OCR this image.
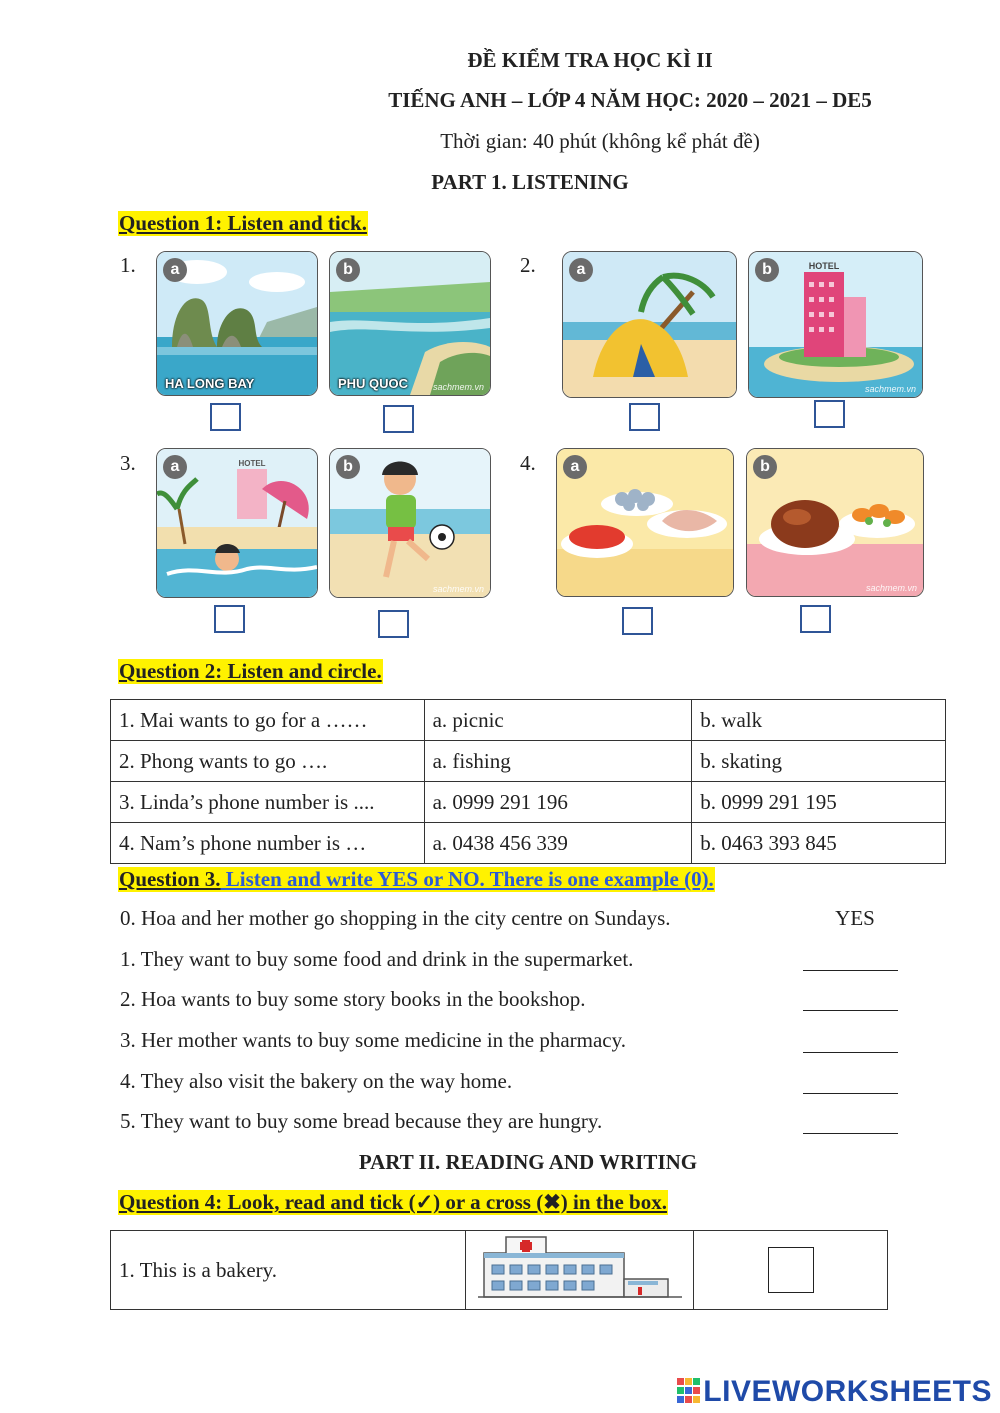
ĐỀ KIỂM TRA HỌC KÌ II
TIẾNG ANH – LỚP 4 NĂM HỌC: 2020 – 2021 – DE5
Thời gian: 40 phút (không kể phát đề)
PART 1. LISTENING
Question 1: Listen and tick.
1.	a
HA LONG BAY
b
PHU QUOC	sachmem.vn
2.	a	HOTEL
b
sachmem.vn
3.	HOTEL
a	b
sachmem.vn
4.	a	b
sachmem.vn
Question 2: Listen and circle.
1. Mai wants to go for a ……	a. picnic	b. walk
2. Phong wants to go ….	a. fishing	b. skating
3. Linda’s phone number is ....	a. 0999 291 196	b. 0999 291 195
4. Nam’s phone number is …	a. 0438 456 339	b. 0463 393 845
Question 3. Listen and write YES or NO. There is one example (0).
0. Hoa and her mother go shopping in the city centre on Sundays.	YES
1. They want to buy some food and drink in the supermarket.
2. Hoa wants to buy some story books in the bookshop.
3. Her mother wants to buy some medicine in the pharmacy.
4. They also visit the bakery on the way home.
5. They want to buy some bread because they are hungry.
PART II. READING AND WRITING
Question 4: Look, read and tick (✓) or a cross (✖) in the box.
1. This is a bakery.		
LIVEWORKSHEETS
